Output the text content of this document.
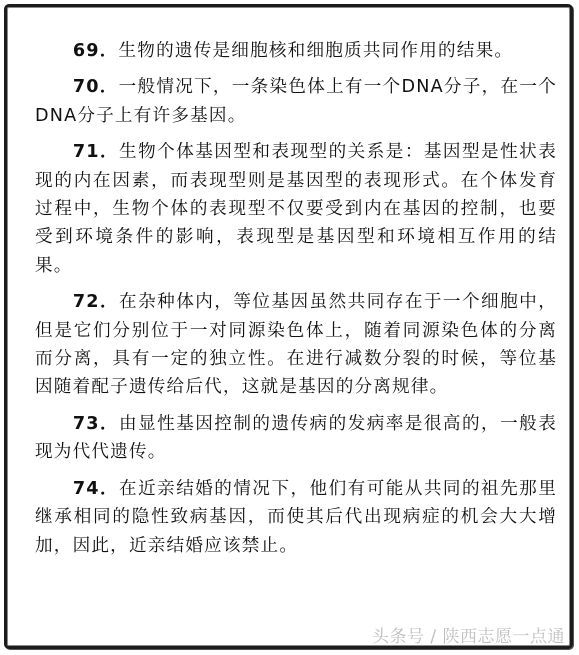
69．生物的遗传是细胞核和细胞质共同作用的结果。

70．一般情况下，一条染色体上有一个DNA分子，在一个DNA分子上有许多基因。

71．生物个体基因型和表现型的关系是：基因型是性状表现的内在因素，而表现型则是基因型的表现形式。在个体发育过程中，生物个体的表现型不仅要受到内在基因的控制，也要受到环境条件的影响，表现型是基因型和环境相互作用的结果。

72．在杂种体内，等位基因虽然共同存在于一个细胞中，但是它们分别位于一对同源染色体上，随着同源染色体的分离而分离，具有一定的独立性。在进行减数分裂的时候，等位基因随着配子遗传给后代，这就是基因的分离规律。

73．由显性基因控制的遗传病的发病率是很高的，一般表现为代代遗传。

74．在近亲结婚的情况下，他们有可能从共同的祖先那里继承相同的隐性致病基因，而使其后代出现病症的机会大大增加，因此，近亲结婚应该禁止。

头条号 / 陕西志愿一点通
